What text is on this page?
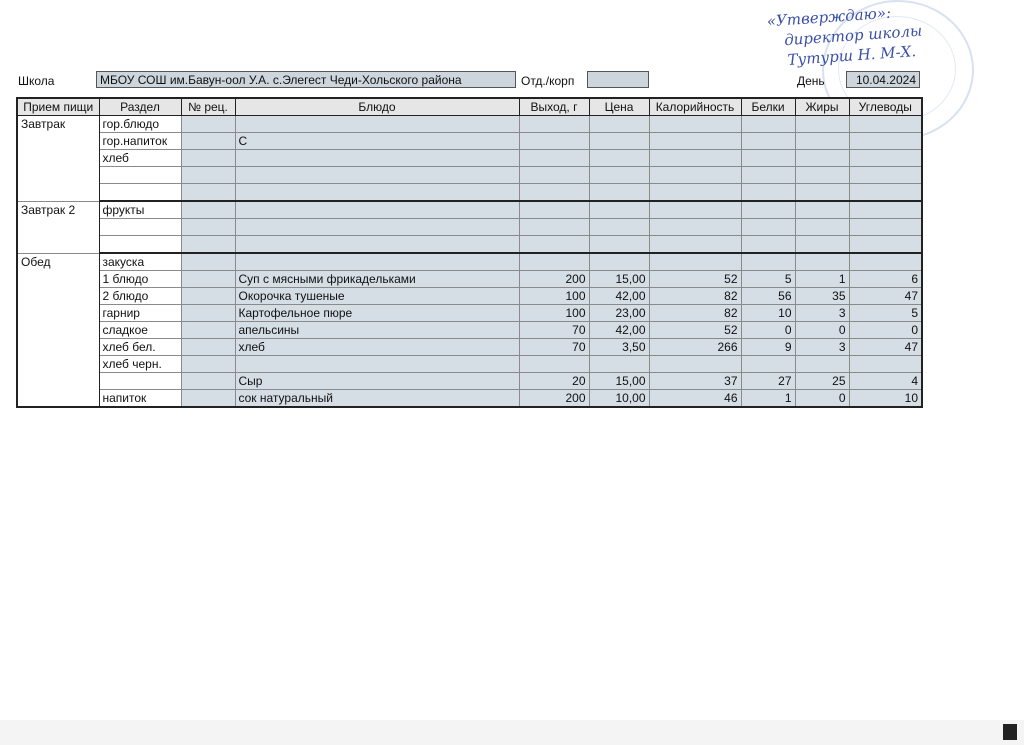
«Утверждаю»:
директор школы
Тутурш Н. М-Х.
Школа	МБОУ СОШ им.Бавун-оол У.А. с.Элегест Чеди-Хольского района	Отд./корп	День	10.04.2024
Прием пищи	Раздел	№ рец.	Блюдо	Выход, г	Цена	Калорийность	Белки	Жиры	Углеводы
Завтрак	гор.блюдо								
	гор.напиток		С						
	хлеб								

Завтрак 2	фрукты								

Обед	закуска								
	1 блюдо		Суп с мясными фрикадельками	200	15,00	52	5	1	6
	2 блюдо		Окорочка тушеные	100	42,00	82	56	35	47
	гарнир		Картофельное пюре	100	23,00	82	10	3	5
	сладкое		апельсины	70	42,00	52	0	0	0
	хлеб бел.		хлеб	70	3,50	266	9	3	47
	хлеб черн.								
			Сыр	20	15,00	37	27	25	4
	напиток		сок натуральный	200	10,00	46	1	0	10
